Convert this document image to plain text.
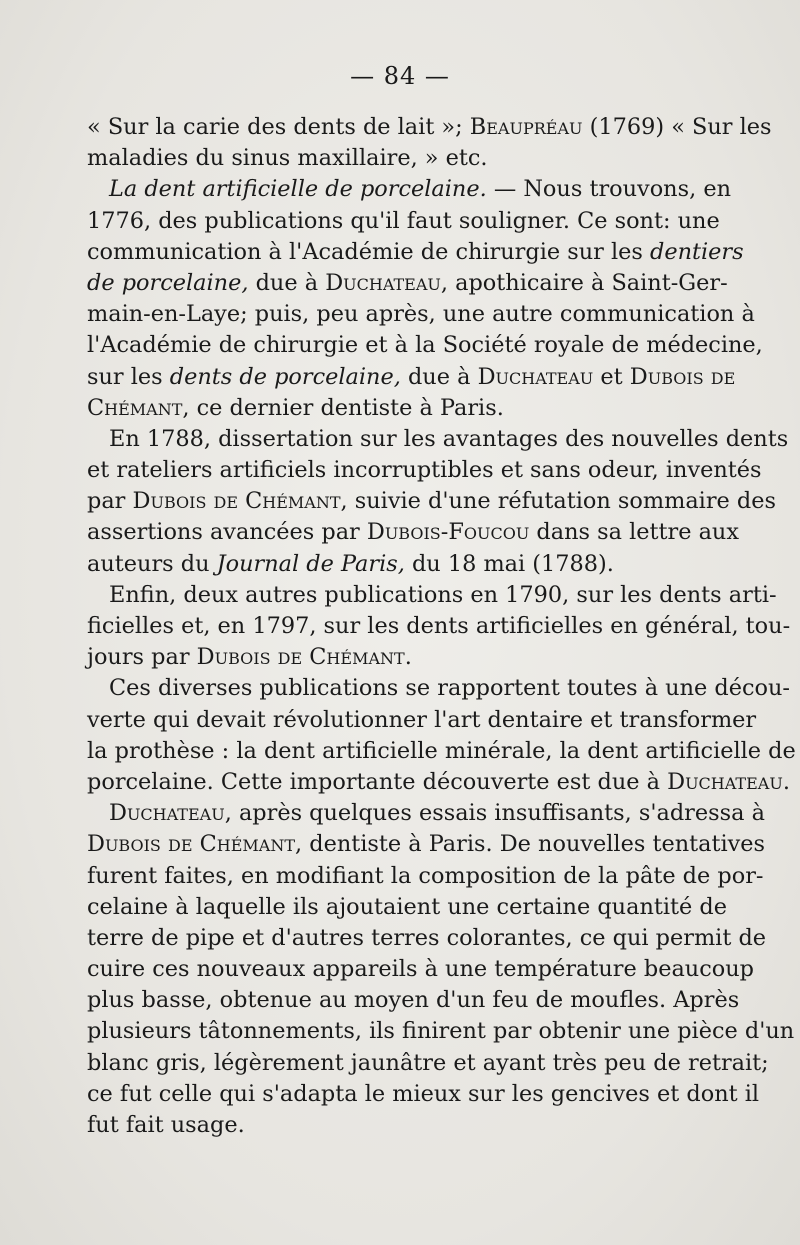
— 84 —
« Sur la carie des dents de lait »; Beaupréau (1769) « Sur les
maladies du sinus maxillaire, » etc.
La dent artificielle de porcelaine. — Nous trouvons, en
1776, des publications qu'il faut souligner. Ce sont: une
communication à l'Académie de chirurgie sur les dentiers
de porcelaine, due à Duchateau, apothicaire à Saint-Ger-
main-en-Laye; puis, peu après, une autre communication à
l'Académie de chirurgie et à la Société royale de médecine,
sur les dents de porcelaine, due à Duchateau et Dubois de
Chémant, ce dernier dentiste à Paris.
En 1788, dissertation sur les avantages des nouvelles dents
et rateliers artificiels incorruptibles et sans odeur, inventés
par Dubois de Chémant, suivie d'une réfutation sommaire des
assertions avancées par Dubois-Foucou dans sa lettre aux
auteurs du Journal de Paris, du 18 mai (1788).
Enfin, deux autres publications en 1790, sur les dents arti-
ficielles et, en 1797, sur les dents artificielles en général, tou-
jours par Dubois de Chémant.
Ces diverses publications se rapportent toutes à une décou-
verte qui devait révolutionner l'art dentaire et transformer
la prothèse : la dent artificielle minérale, la dent artificielle de
porcelaine. Cette importante découverte est due à Duchateau.
Duchateau, après quelques essais insuffisants, s'adressa à
Dubois de Chémant, dentiste à Paris. De nouvelles tentatives
furent faites, en modifiant la composition de la pâte de por-
celaine à laquelle ils ajoutaient une certaine quantité de
terre de pipe et d'autres terres colorantes, ce qui permit de
cuire ces nouveaux appareils à une température beaucoup
plus basse, obtenue au moyen d'un feu de moufles. Après
plusieurs tâtonnements, ils finirent par obtenir une pièce d'un
blanc gris, légèrement jaunâtre et ayant très peu de retrait;
ce fut celle qui s'adapta le mieux sur les gencives et dont il
fut fait usage.
